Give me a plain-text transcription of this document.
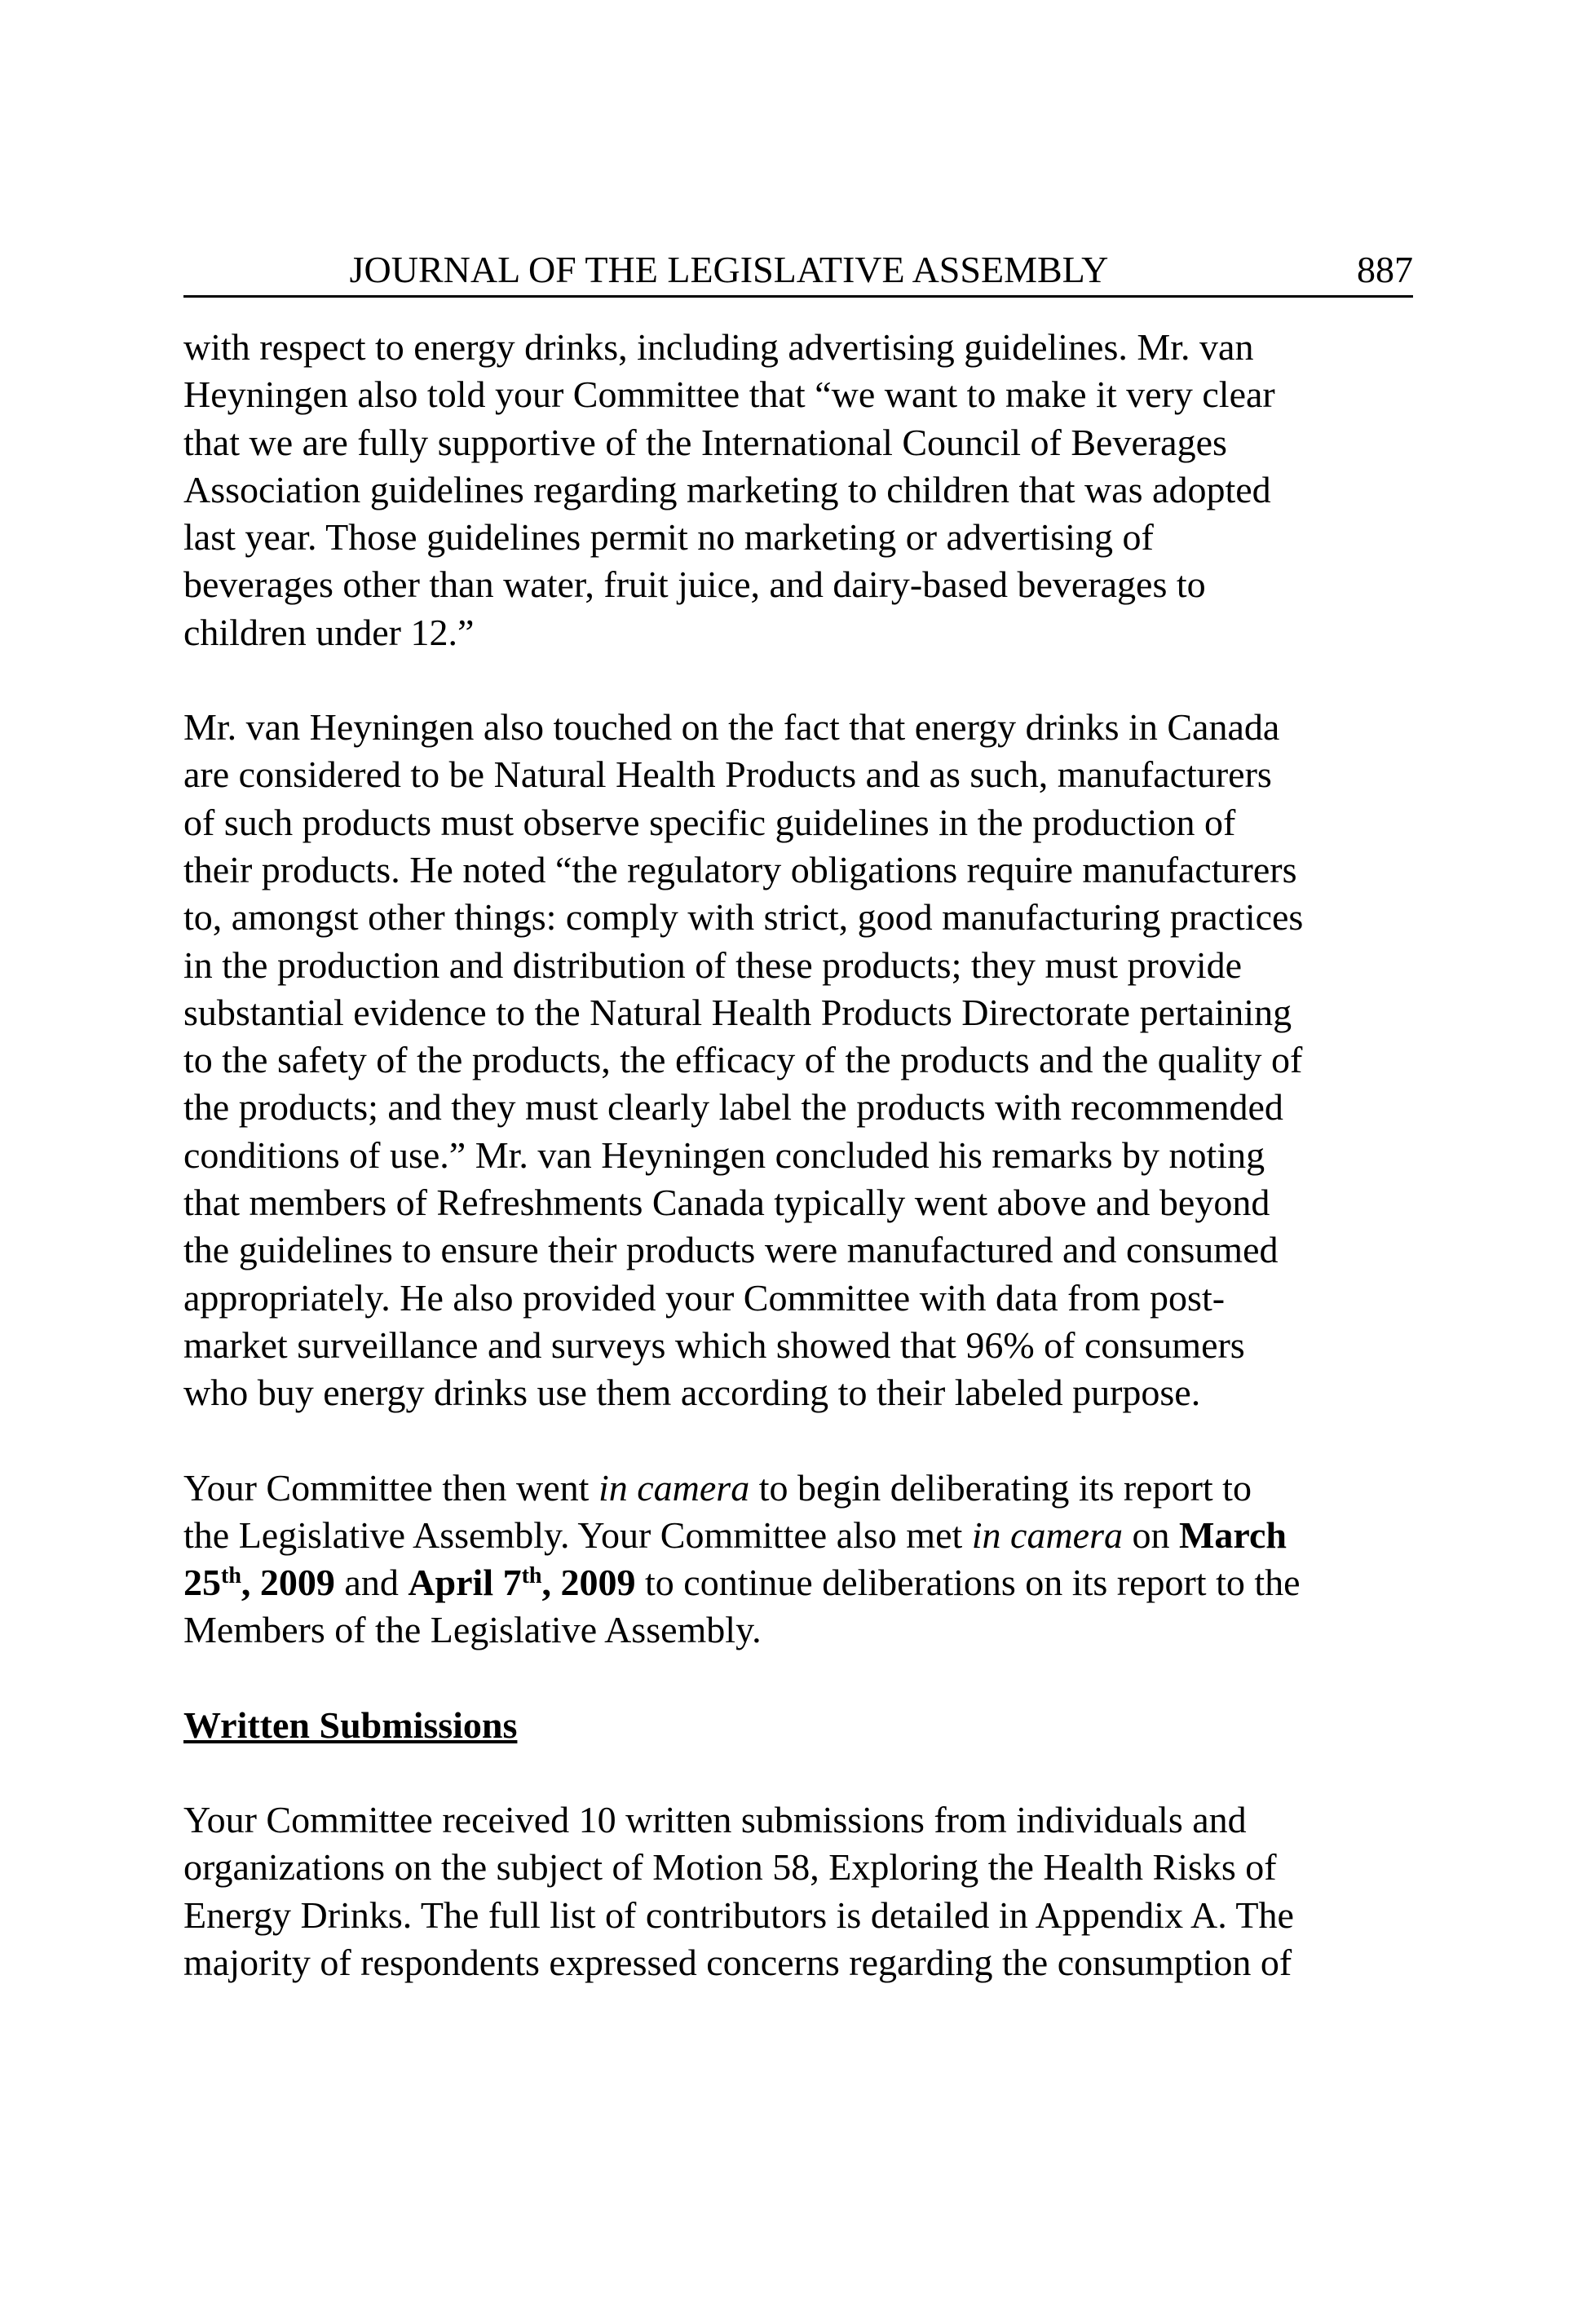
JOURNAL OF THE LEGISLATIVE ASSEMBLY	887

with respect to energy drinks, including advertising guidelines. Mr. van
Heyningen also told your Committee that “we want to make it very clear
that we are fully supportive of the International Council of Beverages
Association guidelines regarding marketing to children that was adopted
last year. Those guidelines permit no marketing or advertising of
beverages other than water, fruit juice, and dairy-based beverages to
children under 12.”

Mr. van Heyningen also touched on the fact that energy drinks in Canada
are considered to be Natural Health Products and as such, manufacturers
of such products must observe specific guidelines in the production of
their products. He noted “the regulatory obligations require manufacturers
to, amongst other things: comply with strict, good manufacturing practices
in the production and distribution of these products; they must provide
substantial evidence to the Natural Health Products Directorate pertaining
to the safety of the products, the efficacy of the products and the quality of
the products; and they must clearly label the products with recommended
conditions of use.” Mr. van Heyningen concluded his remarks by noting
that members of Refreshments Canada typically went above and beyond
the guidelines to ensure their products were manufactured and consumed
appropriately. He also provided your Committee with data from post-
market surveillance and surveys which showed that 96% of consumers
who buy energy drinks use them according to their labeled purpose.

Your Committee then went in camera to begin deliberating its report to
the Legislative Assembly. Your Committee also met in camera on March
25th, 2009 and April 7th, 2009 to continue deliberations on its report to the
Members of the Legislative Assembly.

Written Submissions

Your Committee received 10 written submissions from individuals and
organizations on the subject of Motion 58, Exploring the Health Risks of
Energy Drinks. The full list of contributors is detailed in Appendix A. The
majority of respondents expressed concerns regarding the consumption of
